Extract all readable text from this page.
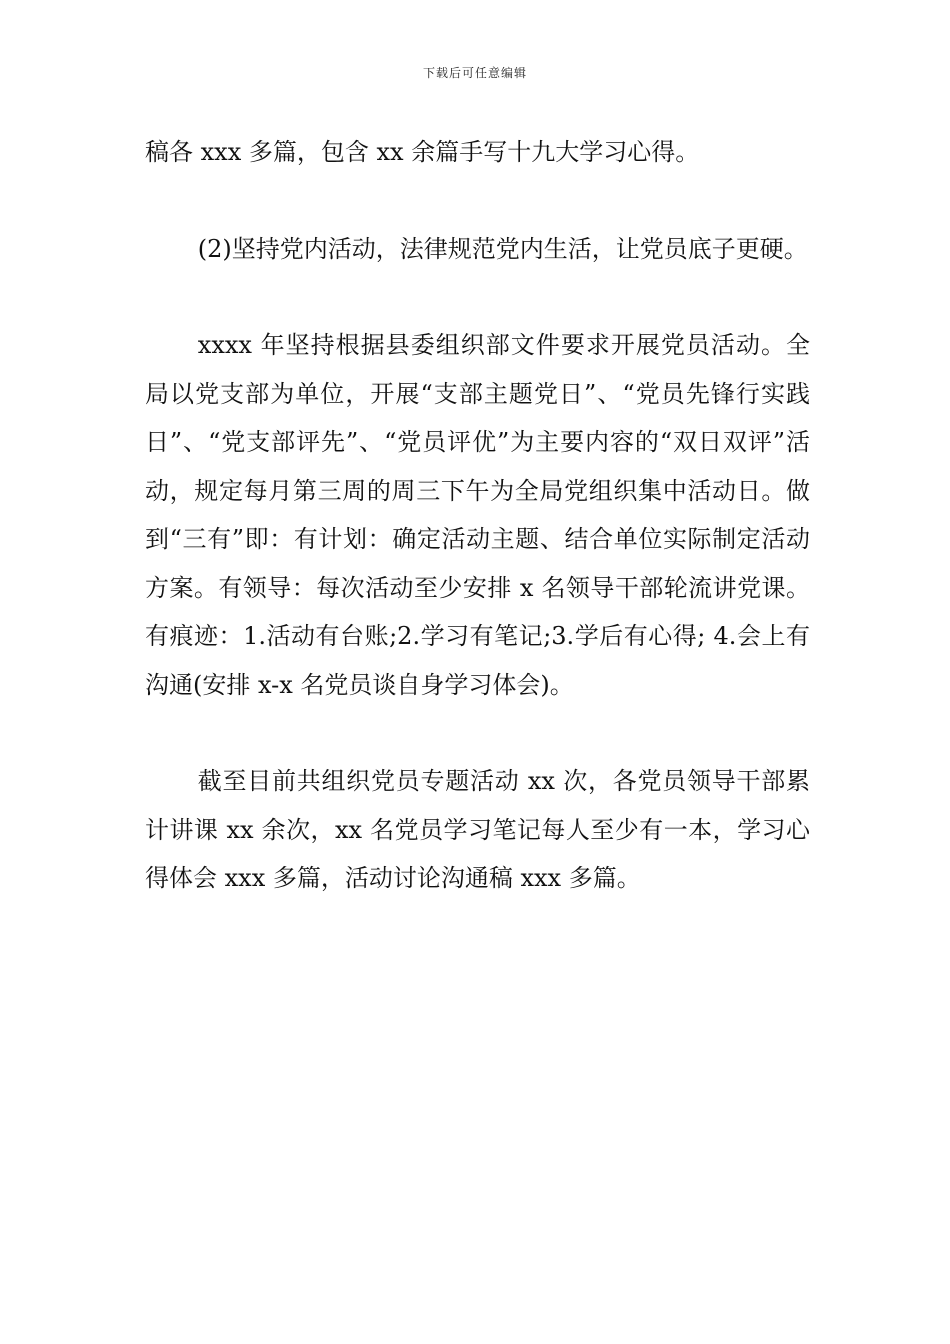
下载后可任意编辑

稿各 xxx 多篇，包含 xx 余篇手写十九大学习心得。

(2)坚持党内活动，法律规范党内生活，让党员底子更硬。

xxxx 年坚持根据县委组织部文件要求开展党员活动。全局以党支部为单位，开展“支部主题党日”、“党员先锋行实践日”、“党支部评先”、“党员评优”为主要内容的“双日双评”活动，规定每月第三周的周三下午为全局党组织集中活动日。做到“三有”即：有计划：确定活动主题、结合单位实际制定活动方案。有领导：每次活动至少安排 x 名领导干部轮流讲党课。有痕迹：1.活动有台账;2.学习有笔记;3.学后有心得; 4.会上有沟通(安排 x-x 名党员谈自身学习体会)。

截至目前共组织党员专题活动 xx 次，各党员领导干部累计讲课 xx 余次，xx 名党员学习笔记每人至少有一本，学习心得体会 xxx 多篇，活动讨论沟通稿 xxx 多篇。
